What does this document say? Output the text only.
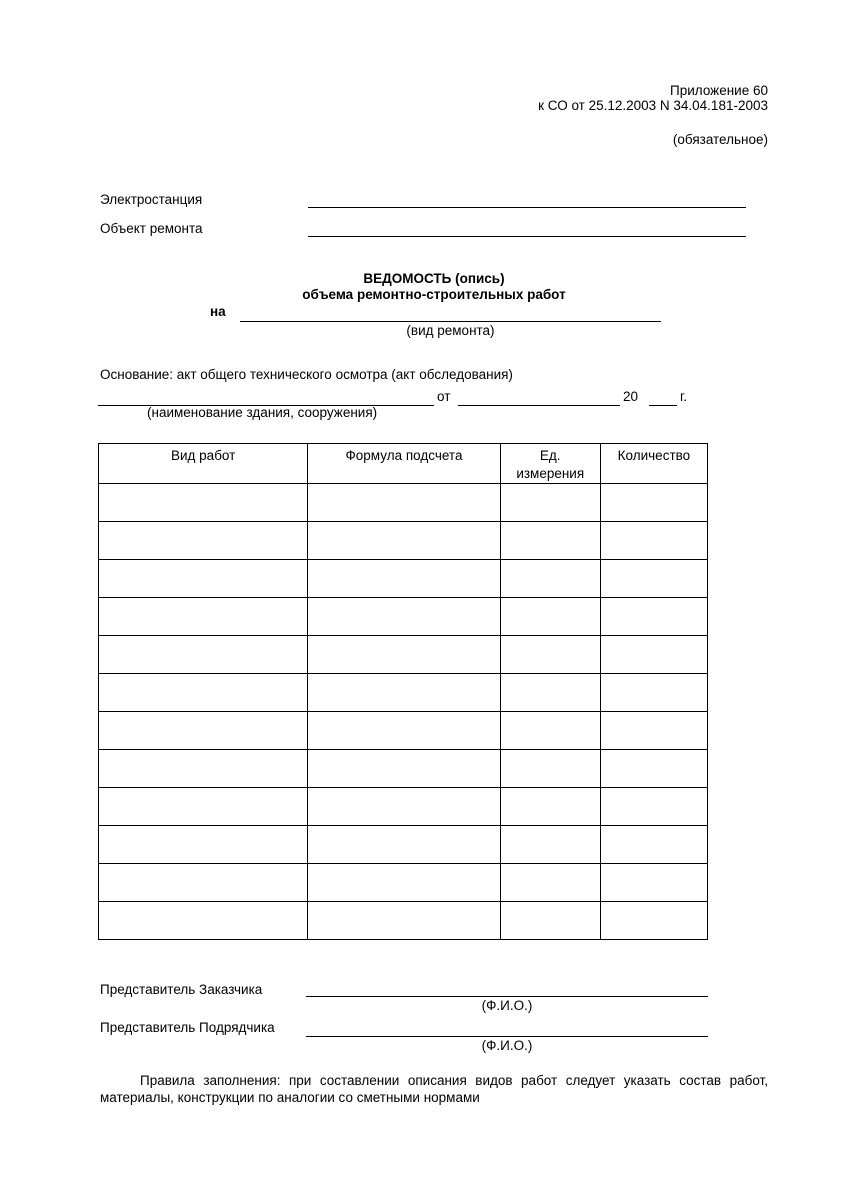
Приложение 60
к СО от 25.12.2003 N 34.04.181-2003
(обязательное)
Электростанция
Объект ремонта
ВЕДОМОСТЬ (опись)
объема ремонтно-строительных работ
на
(вид ремонта)
Основание: акт общего технического осмотра (акт обследования)
от	20	г.
(наименование здания, сооружения)
Вид работ	Формула подсчета	Ед. измерения	Количество

Представитель Заказчика
(Ф.И.О.)
Представитель Подрядчика
(Ф.И.О.)
Правила заполнения: при составлении описания видов работ следует указать состав работ, материалы, конструкции по аналогии со сметными нормами
